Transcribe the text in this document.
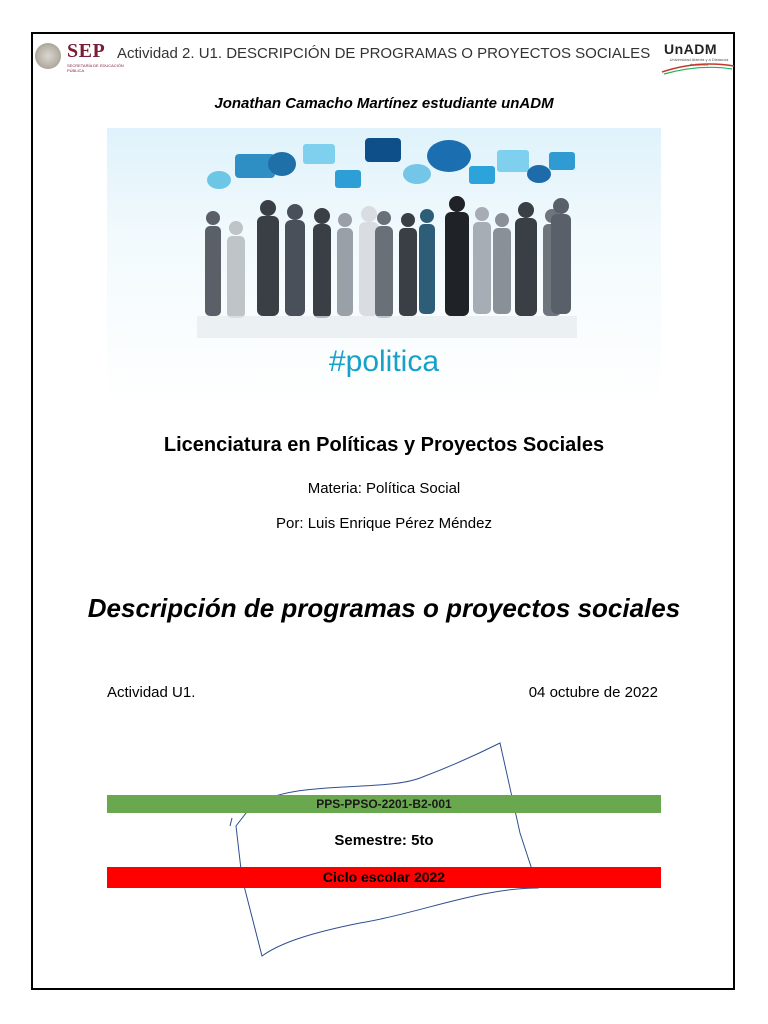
SEP
SECRETARÍA DE EDUCACIÓN PÚBLICA
Actividad 2. U1. DESCRIPCIÓN DE PROGRAMAS O PROYECTOS SOCIALES UnADM
Universidad Abierta y a Distancia de México
Jonathan Camacho Martínez estudiante unADM
#politica
Licenciatura en Políticas y Proyectos Sociales
Materia: Política Social
Por: Luis Enrique Pérez Méndez
Descripción de programas o proyectos sociales
Actividad U1.	04 octubre de 2022
PPS-PPSO-2201-B2-001
Semestre: 5to
Ciclo escolar 2022
